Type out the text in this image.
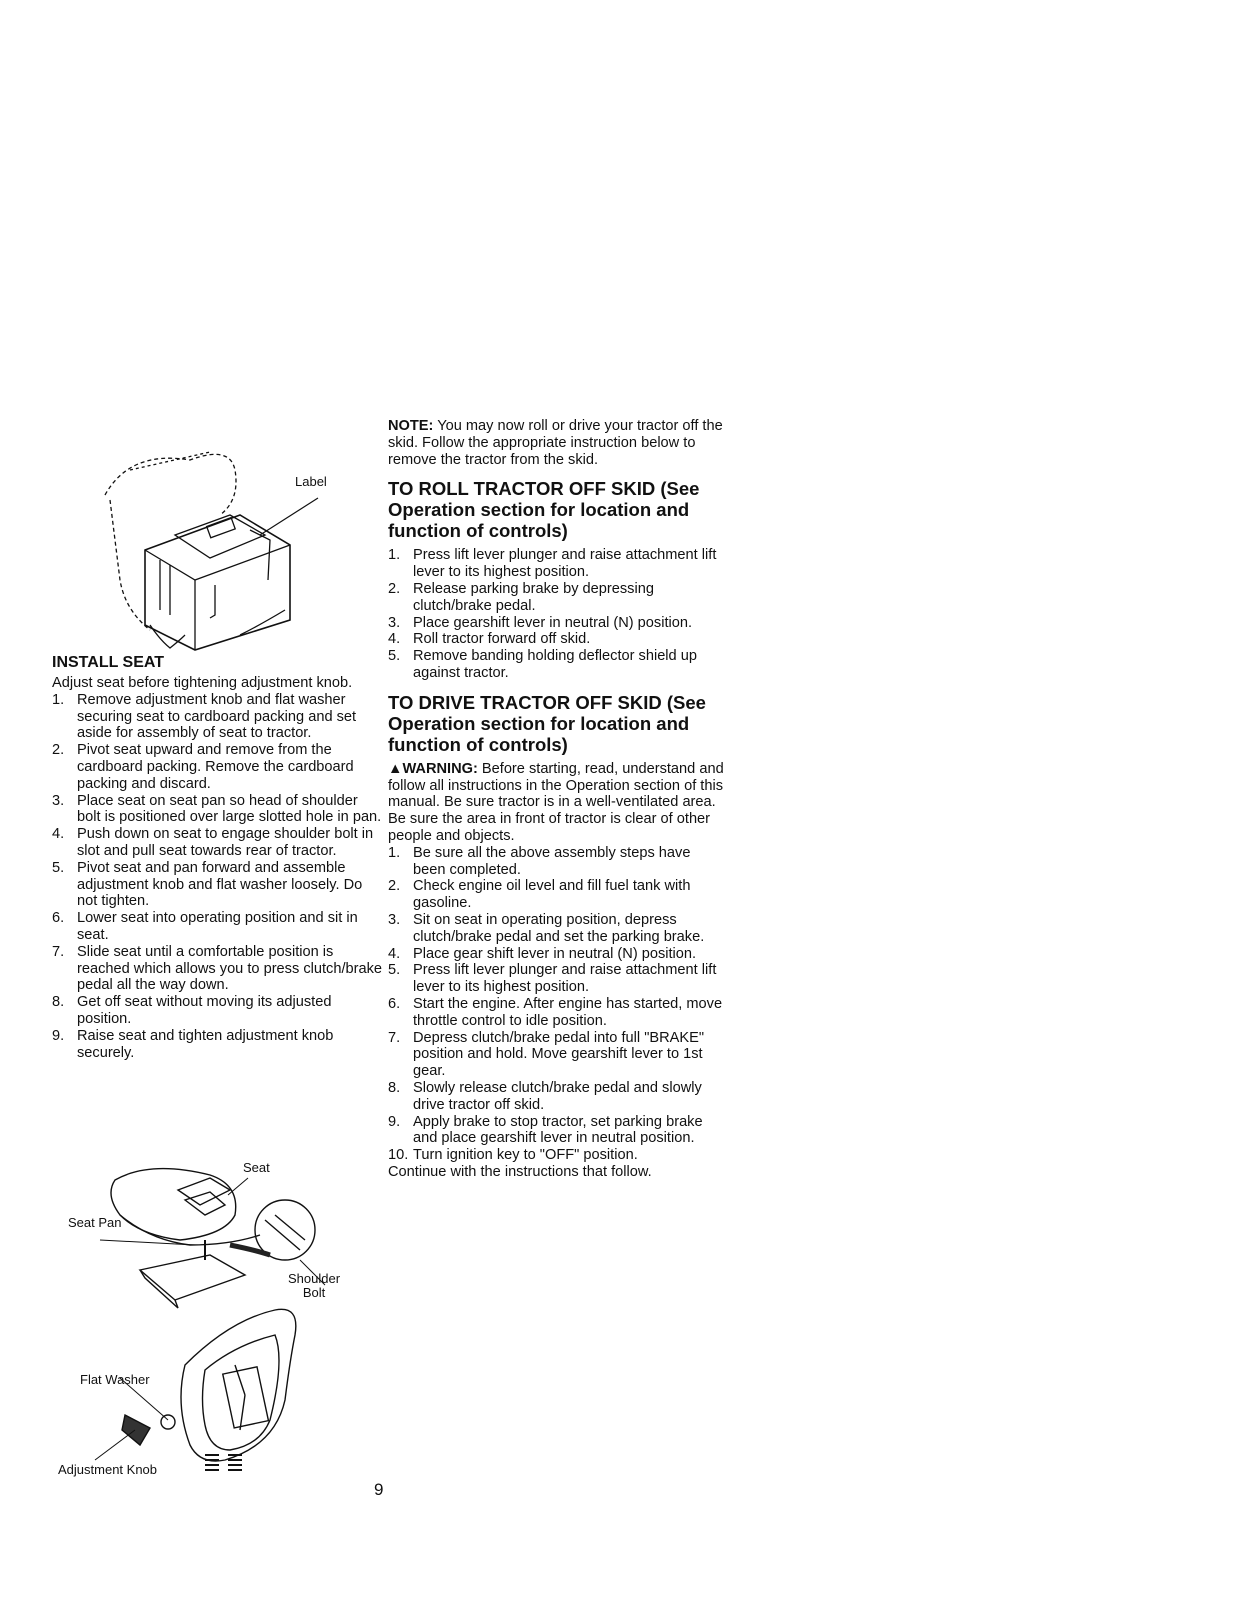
Label
INSTALL SEAT

Adjust seat before tightening adjustment knob.

1. Remove adjustment knob and flat washer securing seat to cardboard packing and set aside for assembly of seat to tractor.
2. Pivot seat upward and remove from the cardboard packing. Remove the cardboard packing and discard.
3. Place seat on seat pan so head of shoulder bolt is positioned over large slotted hole in pan.
4. Push down on seat to engage shoulder bolt in slot and pull seat towards rear of tractor.
5. Pivot seat and pan forward and assemble adjustment knob and flat washer loosely. Do not tighten.
6. Lower seat into operating position and sit in seat.
7. Slide seat until a comfortable position is reached which allows you to press clutch/brake pedal all the way down.
8. Get off seat without moving its adjusted position.
9. Raise seat and tighten adjustment knob securely.
Seat
Seat Pan
Shoulder
Bolt
Flat Washer
Adjustment Knob

NOTE: You may now roll or drive your tractor off the skid. Follow the appropriate instruction below to remove the tractor from the skid.

TO ROLL TRACTOR OFF SKID (See Operation section for location and function of controls)
1. Press lift lever plunger and raise attachment lift lever to its highest position.
2. Release parking brake by depressing clutch/brake pedal.
3. Place gearshift lever in neutral (N) position.
4. Roll tractor forward off skid.
5. Remove banding holding deflector shield up against tractor.
TO DRIVE TRACTOR OFF SKID (See Operation section for location and function of controls)

▲WARNING: Before starting, read, understand and follow all instructions in the Operation section of this manual. Be sure tractor is in a well-ventilated area. Be sure the area in front of tractor is clear of other people and objects.

1. Be sure all the above assembly steps have been completed.
2. Check engine oil level and fill fuel tank with gasoline.
3. Sit on seat in operating position, depress clutch/brake pedal and set the parking brake.
4. Place gear shift lever in neutral (N) position.
5. Press lift lever plunger and raise attachment lift lever to its highest position.
6. Start the engine. After engine has started, move throttle control to idle position.
7. Depress clutch/brake pedal into full "BRAKE" position and hold. Move gearshift lever to 1st gear.
8. Slowly release clutch/brake pedal and slowly drive tractor off skid.
9. Apply brake to stop tractor, set parking brake and place gearshift lever in neutral position.
10. Turn ignition key to "OFF" position.

Continue with the instructions that follow.

9
